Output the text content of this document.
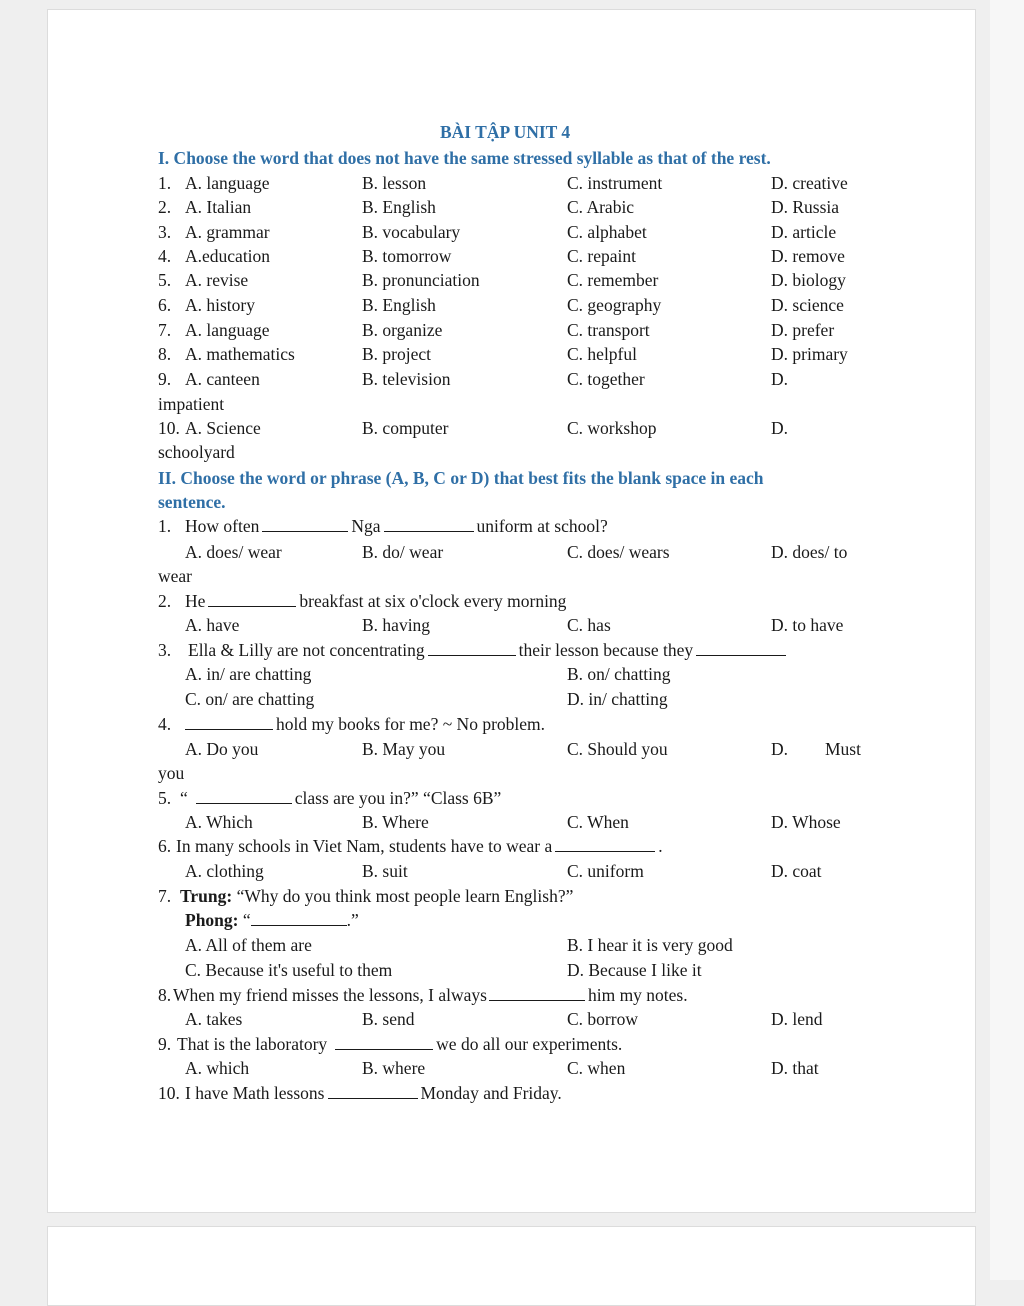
BÀI TẬP UNIT 4
I. Choose the word that does not have the same stressed syllable as that of the rest.
1. A. language	B. lesson	C. instrument	D. creative
2. A. Italian	B. English	C. Arabic	D. Russia
3. A. grammar	B. vocabulary	C. alphabet	D. article
4. A.education	B. tomorrow	C. repaint	D. remove
5. A. revise	B. pronunciation	C. remember	D. biology
6. A. history	B. English	C. geography	D. science
7. A. language	B. organize	C. transport	D. prefer
8. A. mathematics	B. project	C. helpful	D. primary
9. A. canteen	B. television	C. together	D.
impatient
10. A. Science	B. computer	C. workshop	D.
schoolyard
II. Choose the word or phrase (A, B, C or D) that best fits the blank space in each
sentence.
1. How often	Nga	uniform at school?
A. does/ wear	B. do/ wear	C. does/ wears	D. does/ to
wear
2. He	breakfast at six o'clock every morning
A. have	B. having	C. has	D. to have
3. Ella & Lilly are not concentrating	their lesson because they
A. in/ are chatting	B. on/ chatting
C. on/ are chatting	D. in/ chatting
4.	hold my books for me? ~ No problem.
A. Do you	B. May you	C. Should you	D. Must
you
5. “	class are you in?” “Class 6B”
A. Which	B. Where	C. When	D. Whose
6. In many schools in Viet Nam, students have to wear a	.
A. clothing	B. suit	C. uniform	D. coat
7. Trung: “Why do you think most people learn English?”
Phong: “	.”
A. All of them are	B. I hear it is very good
C. Because it's useful to them	D. Because I like it
8. When my friend misses the lessons, I always	him my notes.
A. takes	B. send	C. borrow	D. lend
9. That is the laboratory	we do all our experiments.
A. which	B. where	C. when	D. that
10. I have Math lessons	Monday and Friday.
